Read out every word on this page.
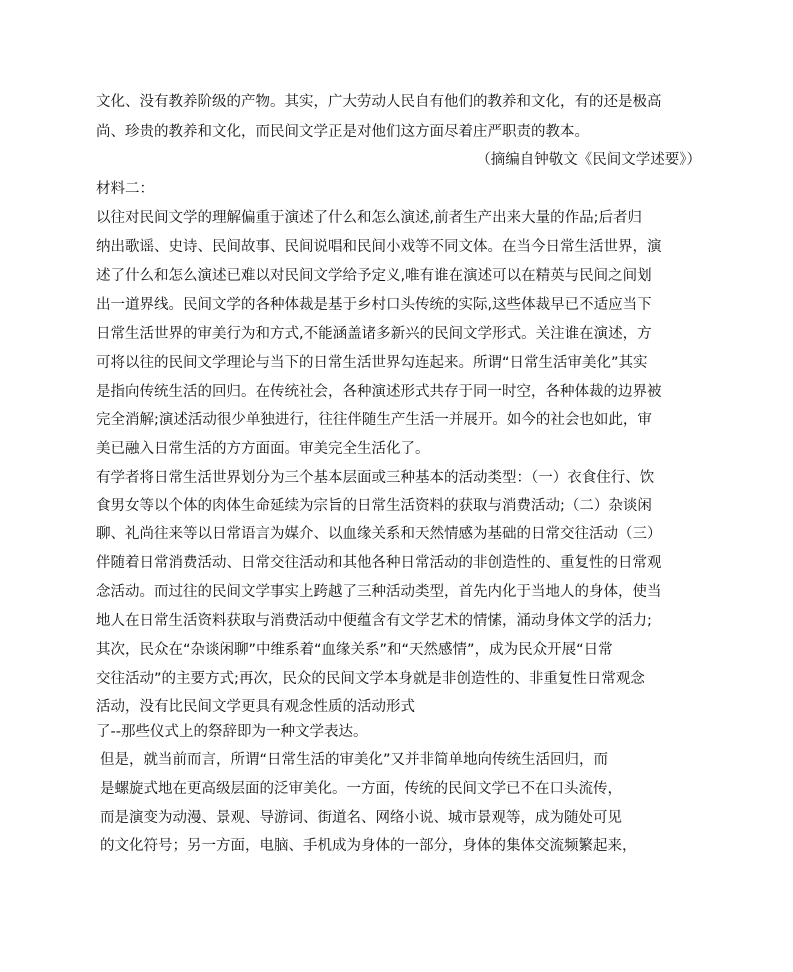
文化、没有教养阶级的产物。其实，广大劳动人民自有他们的教养和文化，有的还是极高
尚、珍贵的教养和文化，而民间文学正是对他们这方面尽着庄严职责的教本。
（摘编自钟敬文《民间文学述要》）
材料二：
以往对民间文学的理解偏重于演述了什么和怎么演述,前者生产出来大量的作品;后者归
纳出歌谣、史诗、民间故事、民间说唱和民间小戏等不同文体。在当今日常生活世界，演
述了什么和怎么演述已难以对民间文学给予定义,唯有谁在演述可以在精英与民间之间划
出一道界线。民间文学的各种体裁是基于乡村口头传统的实际,这些体裁早已不适应当下
日常生活世界的审美行为和方式,不能涵盖诸多新兴的民间文学形式。关注谁在演述，方
可将以往的民间文学理论与当下的日常生活世界勾连起来。所谓“日常生活审美化”其实
是指向传统生活的回归。在传统社会，各种演述形式共存于同一时空，各种体裁的边界被
完全消解;演述活动很少单独进行，往往伴随生产生活一并展开。如今的社会也如此，审
美已融入日常生活的方方面面。审美完全生活化了。
有学者将日常生活世界划分为三个基本层面或三种基本的活动类型：（一）衣食住行、饮
食男女等以个体的肉体生命延续为宗旨的日常生活资料的获取与消费活动;（二）杂谈闲
聊、礼尚往来等以日常语言为媒介、以血缘关系和天然情感为基础的日常交往活动（三）
伴随着日常消费活动、日常交往活动和其他各种日常活动的非创造性的、重复性的日常观
念活动。而过往的民间文学事实上跨越了三种活动类型，首先内化于当地人的身体，使当
地人在日常生活资料获取与消费活动中便蕴含有文学艺术的情愫，涌动身体文学的活力;
其次，民众在“杂谈闲聊”中维系着“血缘关系”和“天然感情”，成为民众开展“日常
交往活动”的主要方式;再次，民众的民间文学本身就是非创造性的、非重复性日常观念
活动，没有比民间文学更具有观念性质的活动形式
了--那些仪式上的祭辞即为一种文学表达。
但是，就当前而言，所谓“日常生活的审美化”又并非简单地向传统生活回归，而
是螺旋式地在更高级层面的泛审美化。一方面，传统的民间文学已不在口头流传，
而是演变为动漫、景观、导游词、街道名、网络小说、城市景观等，成为随处可见
的文化符号；另一方面，电脑、手机成为身体的一部分，身体的集体交流频繁起来，
